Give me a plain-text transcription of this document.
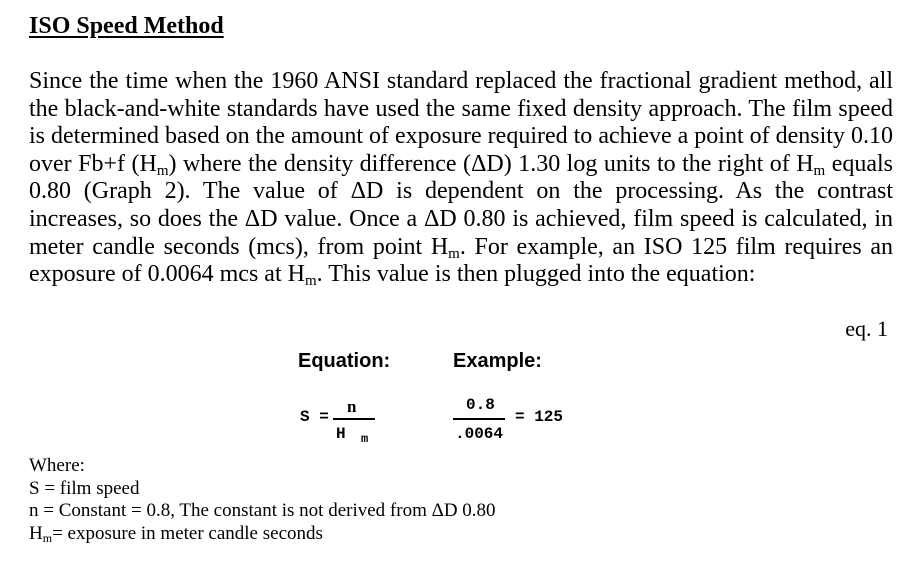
ISO Speed Method
Since the time when the 1960 ANSI standard replaced the fractional gradient method, all the black-and-white standards have used the same fixed density approach. The film speed is determined based on the amount of exposure required to achieve a point of density 0.10 over Fb+f $(H_m)$ where the density difference (ΔD) 1.30 log units to the right of $H_m$ equals 0.80 (Graph 2). The value of ΔD is dependent on the processing. As the contrast increases, so does the ΔD value. Once a ΔD 0.80 is achieved, film speed is calculated, in meter candle seconds (mcs), from point $H_m$. For example, an ISO 125 film requires an exposure of 0.0064 mcs at $H_m$. This value is then plugged into the equation:
eq. 1
Equation:	Example:
S =
n
H m
0.8
.0064
= 125
Where:
S = film speed
n = Constant = 0.8, The constant is not derived from ΔD 0.80
$H_m=$ exposure in meter candle seconds
